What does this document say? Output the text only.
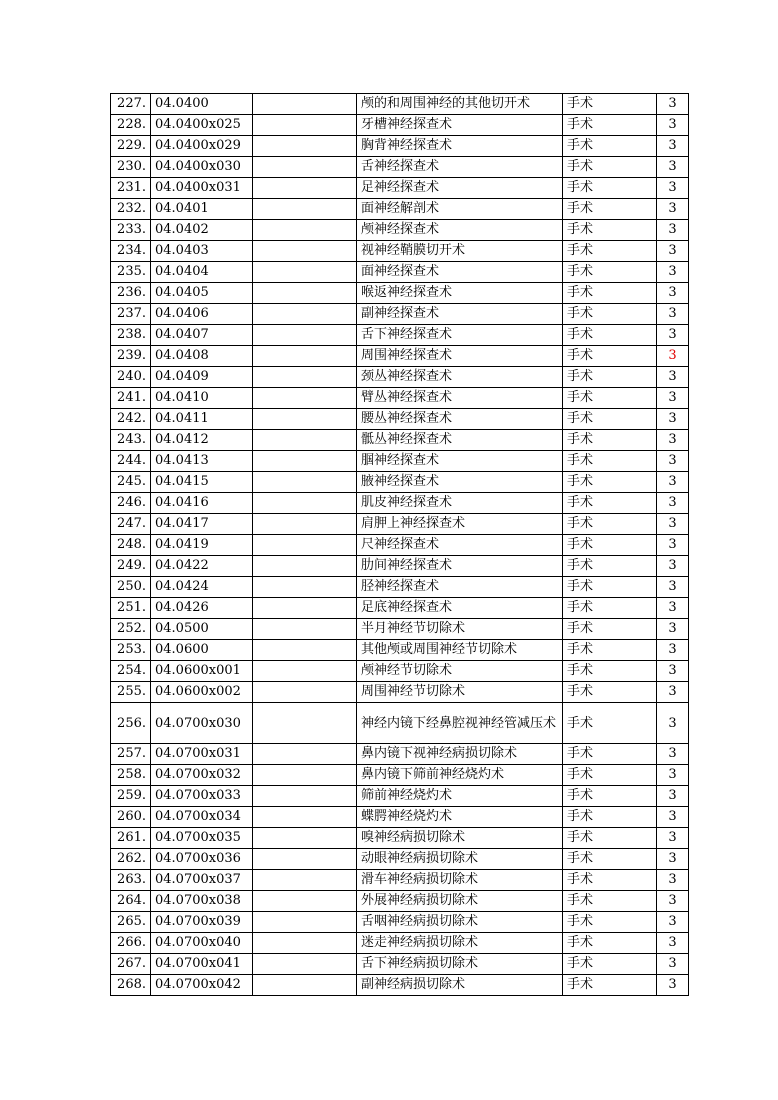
227.	04.0400		颅的和周围神经的其他切开术	手术	3
228.	04.0400x025		牙槽神经探查术	手术	3
229.	04.0400x029		胸背神经探查术	手术	3
230.	04.0400x030		舌神经探查术	手术	3
231.	04.0400x031		足神经探查术	手术	3
232.	04.0401		面神经解剖术	手术	3
233.	04.0402		颅神经探查术	手术	3
234.	04.0403		视神经鞘膜切开术	手术	3
235.	04.0404		面神经探查术	手术	3
236.	04.0405		喉返神经探查术	手术	3
237.	04.0406		副神经探查术	手术	3
238.	04.0407		舌下神经探查术	手术	3
239.	04.0408		周围神经探查术	手术	3
240.	04.0409		颈丛神经探查术	手术	3
241.	04.0410		臂丛神经探查术	手术	3
242.	04.0411		腰丛神经探查术	手术	3
243.	04.0412		骶丛神经探查术	手术	3
244.	04.0413		腘神经探查术	手术	3
245.	04.0415		腋神经探查术	手术	3
246.	04.0416		肌皮神经探查术	手术	3
247.	04.0417		肩胛上神经探查术	手术	3
248.	04.0419		尺神经探查术	手术	3
249.	04.0422		肋间神经探查术	手术	3
250.	04.0424		胫神经探查术	手术	3
251.	04.0426		足底神经探查术	手术	3
252.	04.0500		半月神经节切除术	手术	3
253.	04.0600		其他颅或周围神经节切除术	手术	3
254.	04.0600x001		颅神经节切除术	手术	3
255.	04.0600x002		周围神经节切除术	手术	3
256.	04.0700x030		神经内镜下经鼻腔视神经管减压术	手术	3
257.	04.0700x031		鼻内镜下视神经病损切除术	手术	3
258.	04.0700x032		鼻内镜下筛前神经烧灼术	手术	3
259.	04.0700x033		筛前神经烧灼术	手术	3
260.	04.0700x034		蝶腭神经烧灼术	手术	3
261.	04.0700x035		嗅神经病损切除术	手术	3
262.	04.0700x036		动眼神经病损切除术	手术	3
263.	04.0700x037		滑车神经病损切除术	手术	3
264.	04.0700x038		外展神经病损切除术	手术	3
265.	04.0700x039		舌咽神经病损切除术	手术	3
266.	04.0700x040		迷走神经病损切除术	手术	3
267.	04.0700x041		舌下神经病损切除术	手术	3
268.	04.0700x042		副神经病损切除术	手术	3
